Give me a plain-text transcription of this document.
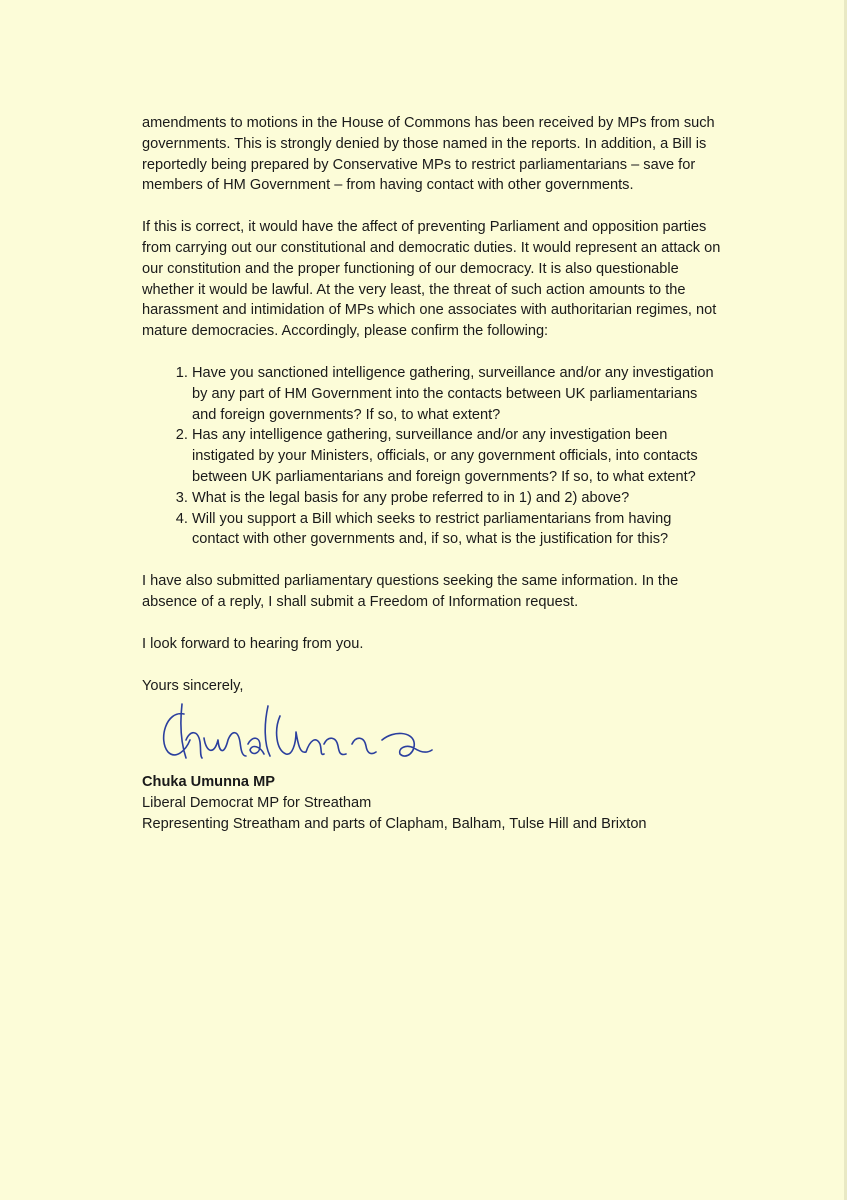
amendments to motions in the House of Commons has been received by MPs from such governments. This is strongly denied by those named in the reports. In addition, a Bill is reportedly being prepared by Conservative MPs to restrict parliamentarians – save for members of HM Government – from having contact with other governments.

If this is correct, it would have the affect of preventing Parliament and opposition parties from carrying out our constitutional and democratic duties. It would represent an attack on our constitution and the proper functioning of our democracy. It is also questionable whether it would be lawful. At the very least, the threat of such action amounts to the harassment and intimidation of MPs which one associates with authoritarian regimes, not mature democracies. Accordingly, please confirm the following:

1. Have you sanctioned intelligence gathering, surveillance and/or any investigation by any part of HM Government into the contacts between UK parliamentarians and foreign governments? If so, to what extent?
2. Has any intelligence gathering, surveillance and/or any investigation been instigated by your Ministers, officials, or any government officials, into contacts between UK parliamentarians and foreign governments? If so, to what extent?
3. What is the legal basis for any probe referred to in 1) and 2) above?
4. Will you support a Bill which seeks to restrict parliamentarians from having contact with other governments and, if so, what is the justification for this?

I have also submitted parliamentary questions seeking the same information. In the absence of a reply, I shall submit a Freedom of Information request.

I look forward to hearing from you.

Yours sincerely,
Chuka Umunna MP
Liberal Democrat MP for Streatham
Representing Streatham and parts of Clapham, Balham, Tulse Hill and Brixton
